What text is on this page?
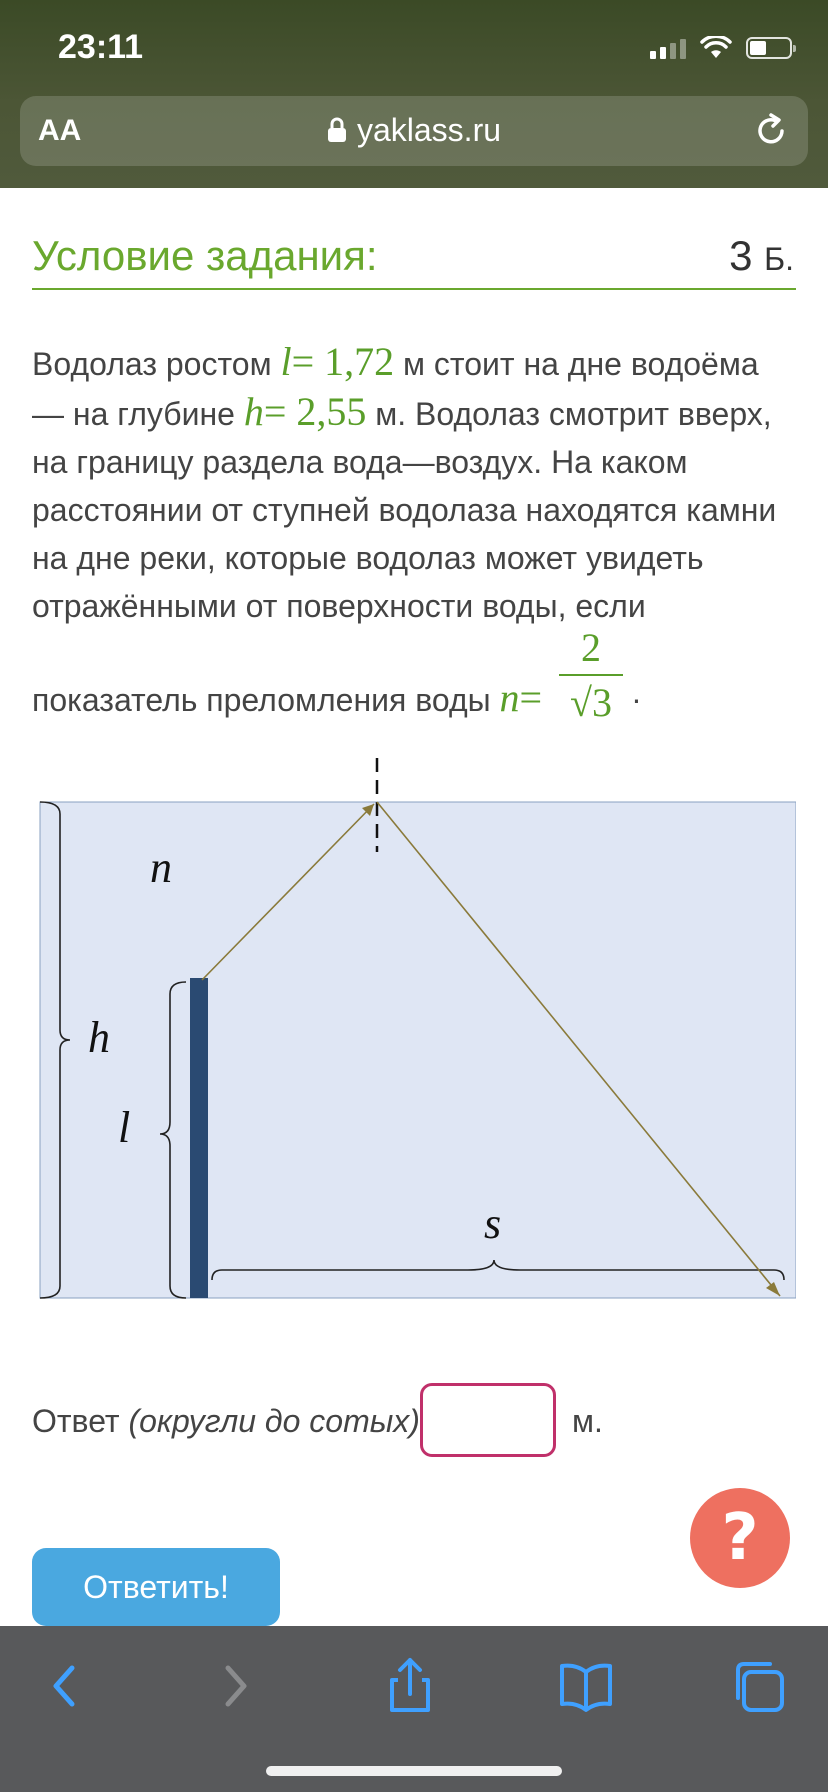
23:11
AA	yaklass.ru
Условие задания:	3 Б.
Водолаз ростом l= 1,72 м стоит на дне водоёма — на глубине h= 2,55 м. Водолаз смотрит вверх, на границу раздела вода—воздух. На каком расстоянии от ступней водолаза находятся камни на дне реки, которые водолаз может увидеть отражёнными от поверхности воды, если
показатель преломления воды n=
2
√3 .
n
h
l
s
Ответ (округли до сотых)	м.
?
Ответить!
